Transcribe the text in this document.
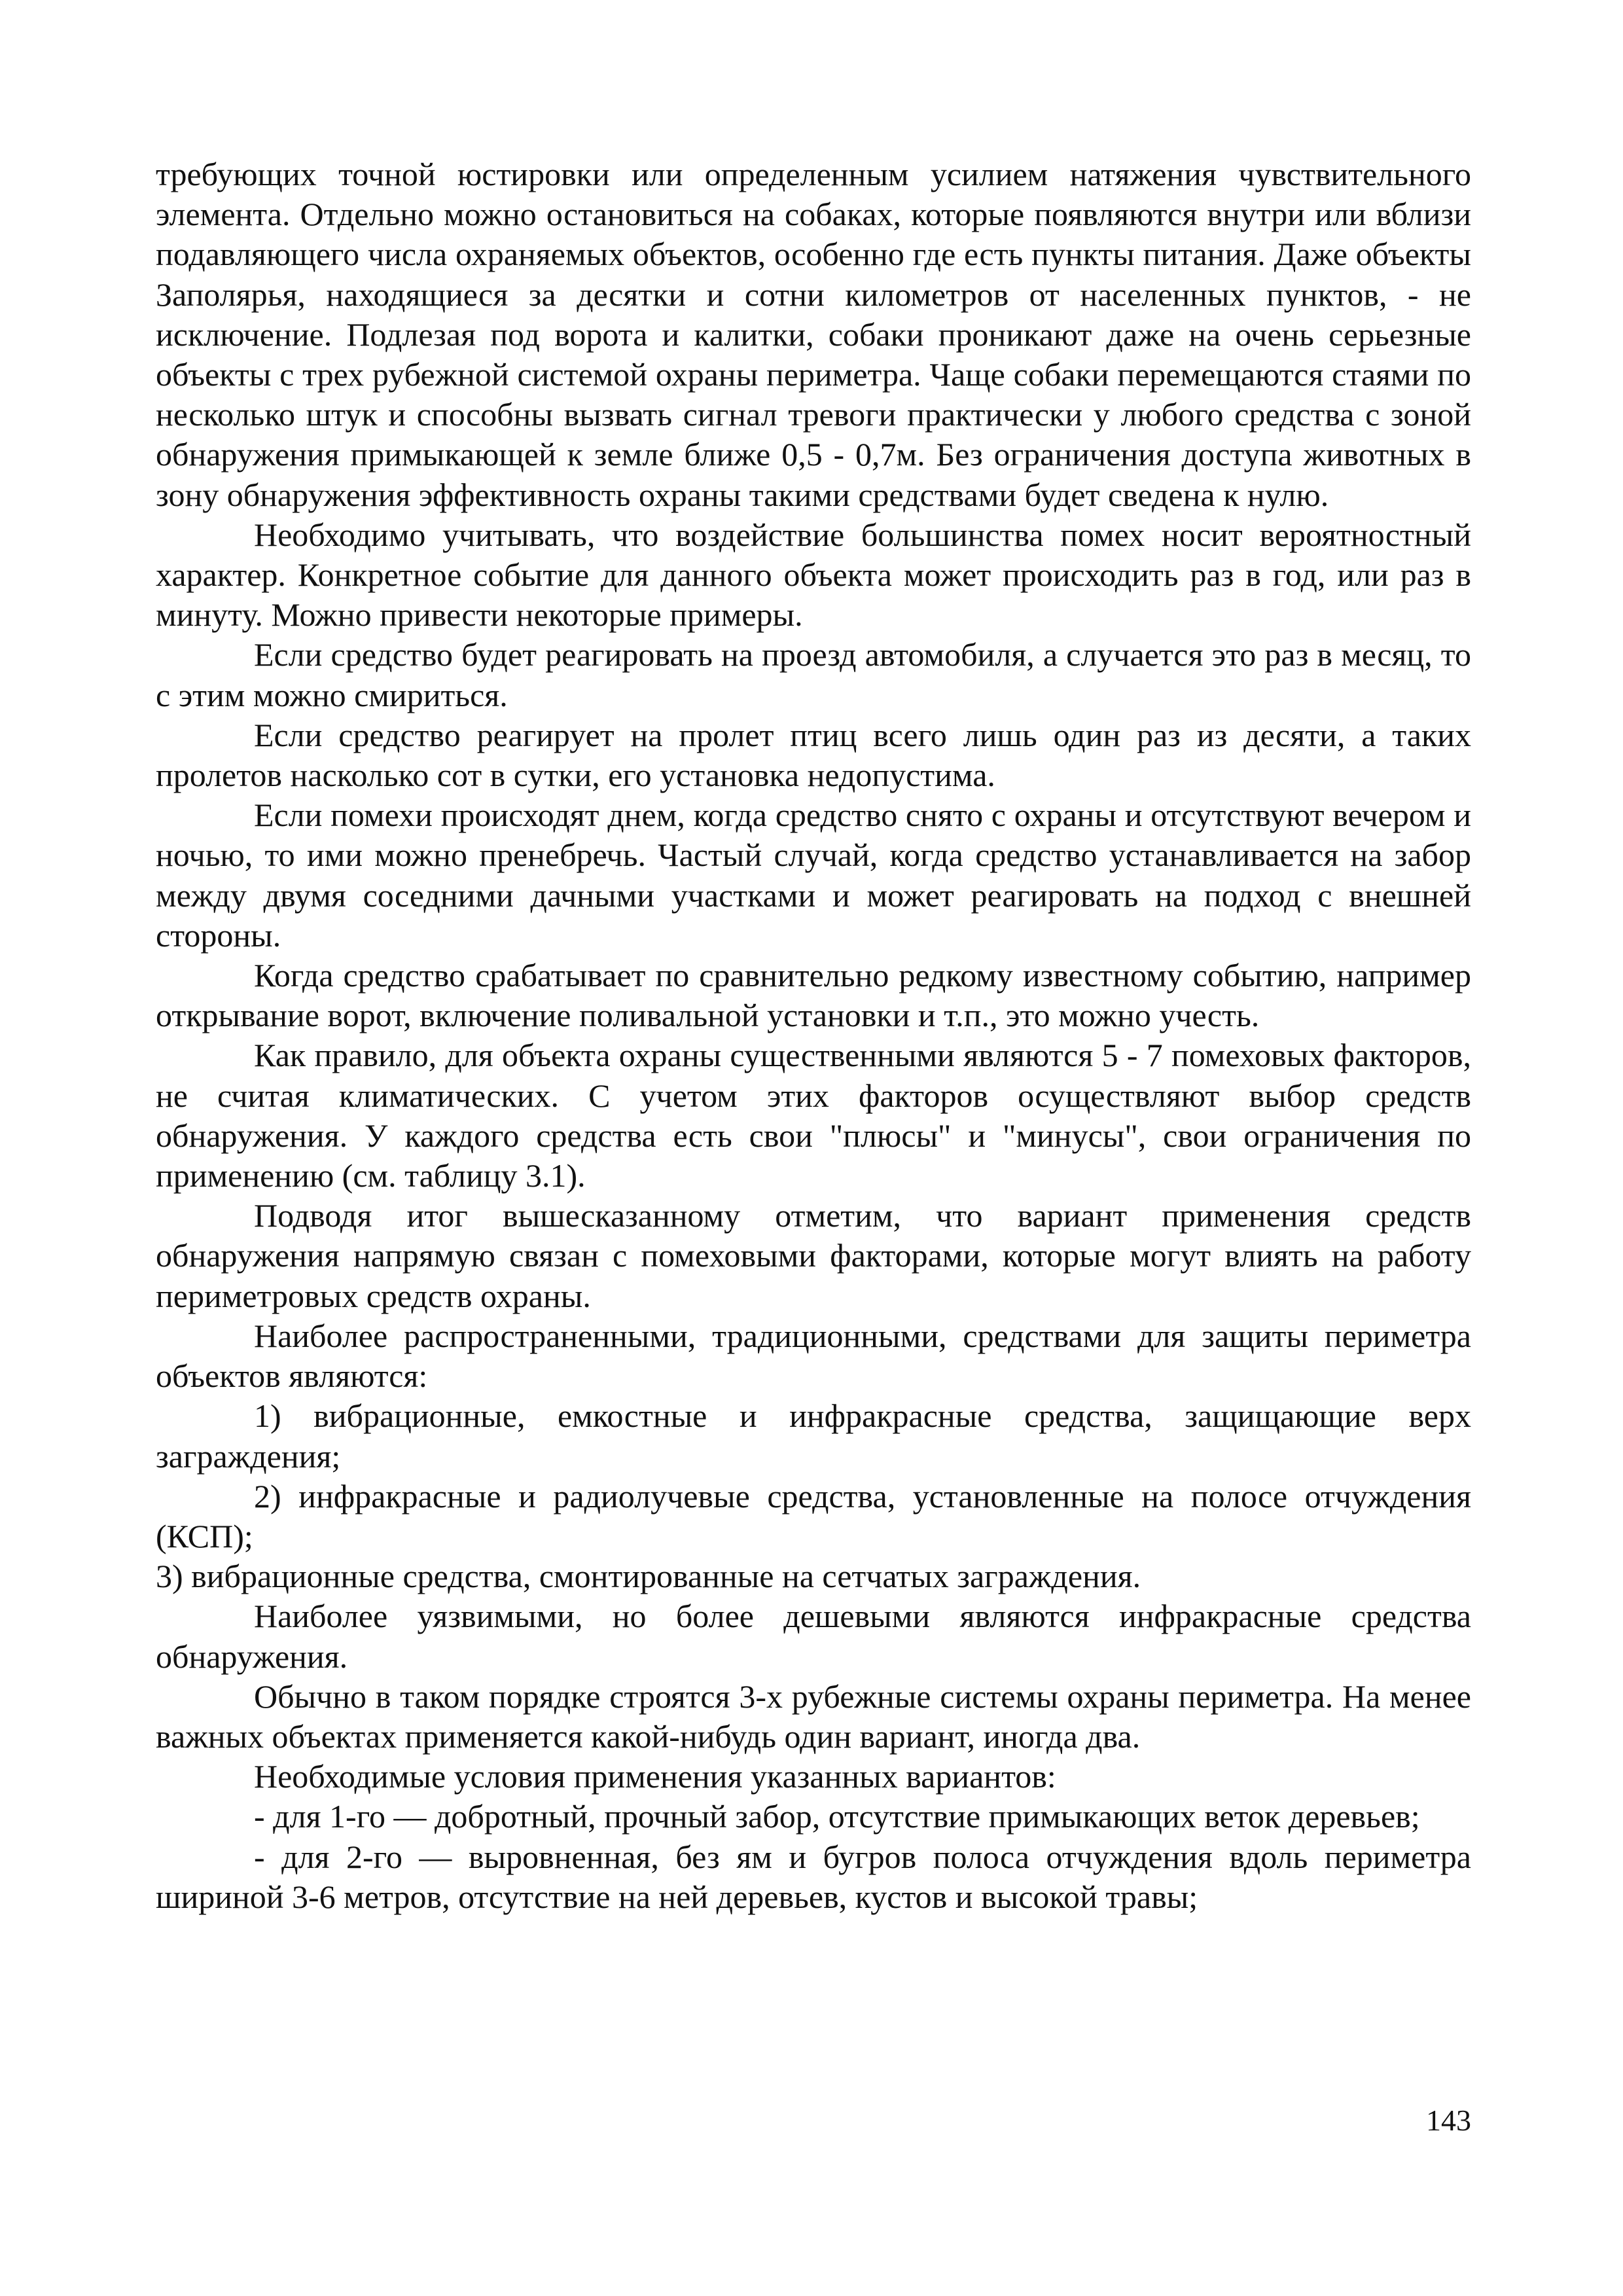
требующих точной юстировки или определенным усилием натяжения чувствительного элемента. Отдельно можно остановиться на собаках, которые появляются внутри или вблизи подавляющего числа охраняемых объектов, особенно где есть пункты питания. Даже объекты Заполярья, находящиеся за десятки и сотни километров от населенных пунктов, - не исключение. Подлезая под ворота и калитки, собаки проникают даже на очень серьезные объекты с трех рубежной системой охраны периметра. Чаще собаки перемещаются стаями по несколько штук и способны вызвать сигнал тревоги практически у любого средства с зоной обнаружения примыкающей к земле ближе 0,5 - 0,7м. Без ограничения доступа животных в зону обнаружения эффективность охраны такими средствами будет сведена к нулю.

Необходимо учитывать, что воздействие большинства помех носит вероятностный характер. Конкретное событие для данного объекта может происходить раз в год, или раз в минуту. Можно привести некоторые примеры.

Если средство будет реагировать на проезд автомобиля, а случается это раз в месяц, то с этим можно смириться.

Если средство реагирует на пролет птиц всего лишь один раз из десяти, а таких пролетов насколько сот в сутки, его установка недопустима.

Если помехи происходят днем, когда средство снято с охраны и отсутствуют вечером и ночью, то ими можно пренебречь. Частый случай, когда средство устанавливается на забор между двумя соседними дачными участками и может реагировать на подход с внешней стороны.

Когда средство срабатывает по сравнительно редкому известному событию, например открывание ворот, включение поливальной установки и т.п., это можно учесть.

Как правило, для объекта охраны существенными являются 5 - 7 помеховых факторов, не считая климатических. С учетом этих факторов осуществляют выбор средств обнаружения. У каждого средства есть свои "плюсы" и "минусы", свои ограничения по применению (см. таблицу 3.1).

Подводя итог вышесказанному отметим, что вариант применения средств обнаружения напрямую связан с помеховыми факторами, которые могут влиять на работу периметровых средств охраны.

Наиболее распространенными, традиционными, средствами для защиты периметра объектов являются:

1) вибрационные, емкостные и инфракрасные средства, защищающие верх заграждения;

2) инфракрасные и радиолучевые средства, установленные на полосе отчуждения (КСП);

3) вибрационные средства, смонтированные на сетчатых заграждения.

Наиболее уязвимыми, но более дешевыми являются инфракрасные средства обнаружения.

Обычно в таком порядке строятся 3-х рубежные системы охраны периметра. На менее важных объектах применяется какой-нибудь один вариант, иногда два.

Необходимые условия применения указанных вариантов:

- для 1-го — добротный, прочный забор, отсутствие примыкающих веток деревьев;

- для 2-го — выровненная, без ям и бугров полоса отчуждения вдоль периметра шириной 3-6 метров, отсутствие на ней деревьев, кустов и высокой травы;

143
